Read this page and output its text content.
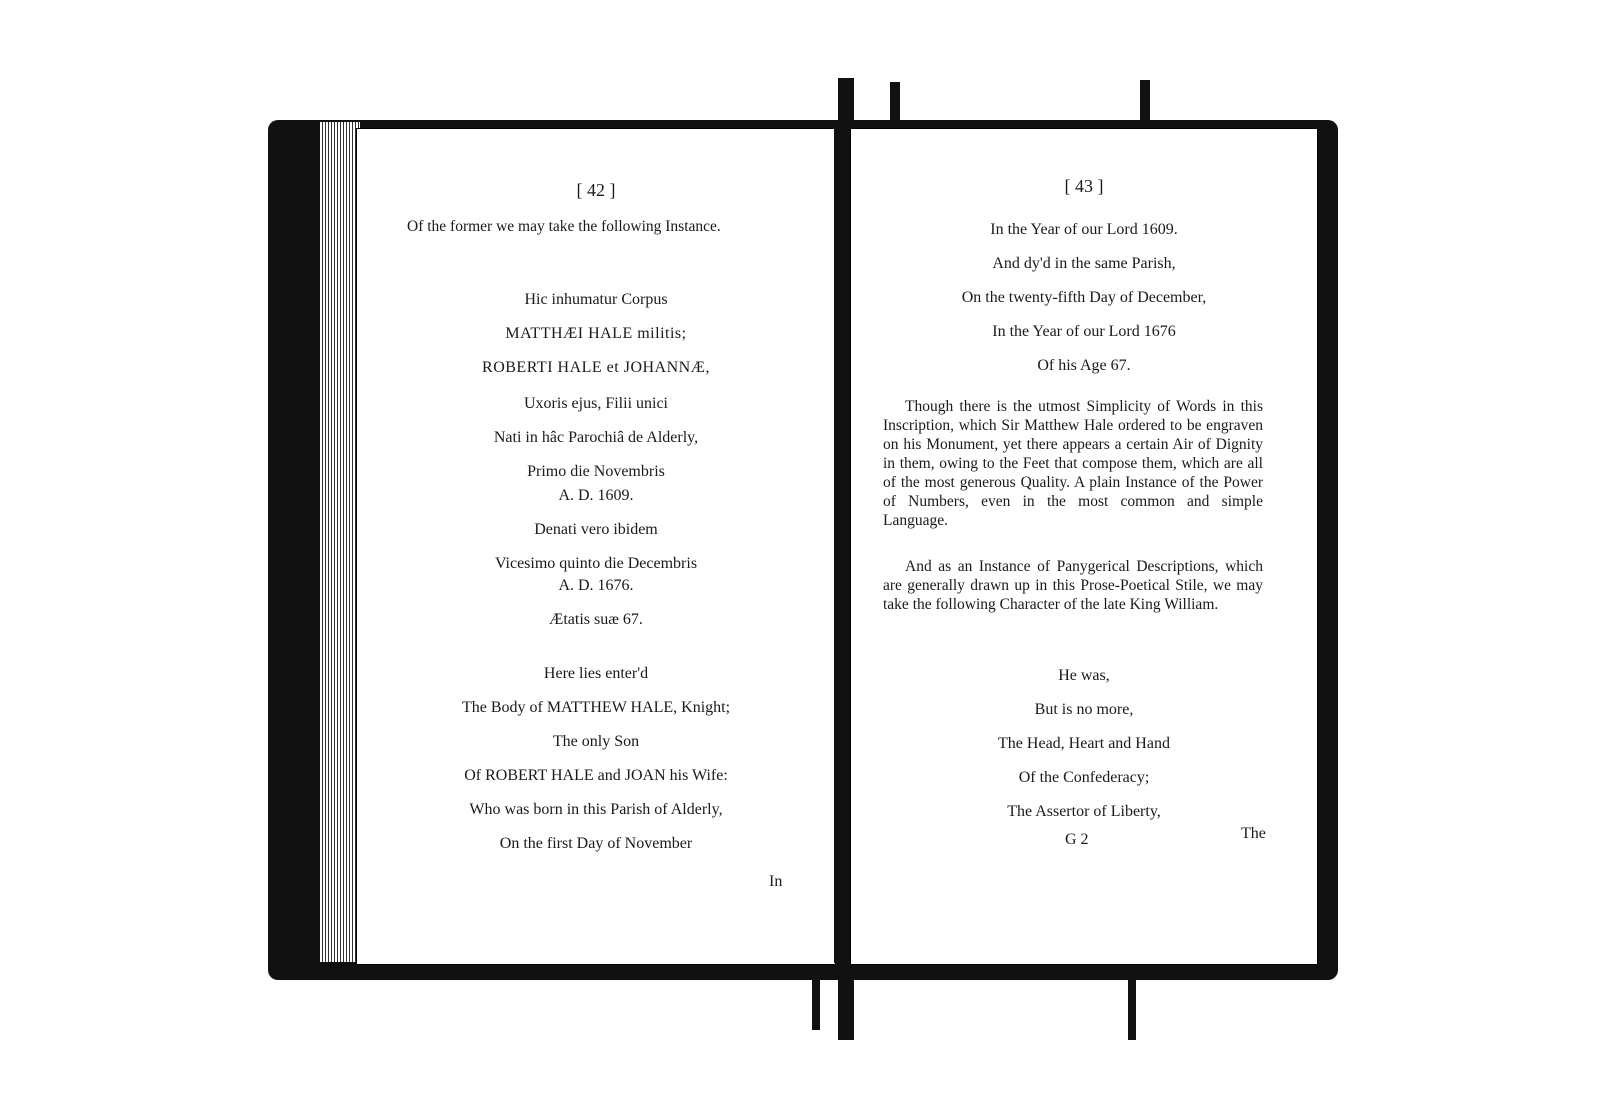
[ 42 ]
Of the former we may take the following Instance.
Hic inhumatur Corpus
MATTHÆI HALE militis;
ROBERTI HALE et JOHANNÆ,
Uxoris ejus, Filii unici
Nati in hâc Parochiâ de Alderly,
Primo die Novembris
A. D. 1609.
Denati vero ibidem
Vicesimo quinto die Decembris
A. D. 1676.
Ætatis suæ 67.
Here lies enter'd
The Body of MATTHEW HALE, Knight;
The only Son
Of ROBERT HALE and JOAN his Wife:
Who was born in this Parish of Alderly,
On the first Day of November
In
[ 43 ]
In the Year of our Lord 1609.
And dy'd in the same Parish,
On the twenty-fifth Day of December,
In the Year of our Lord 1676
Of his Age 67.
Though there is the utmost Simplicity of Words in this Inscription, which Sir Matthew Hale ordered to be engraven on his Monument, yet there appears a certain Air of Dignity in them, owing to the Feet that compose them, which are all of the most generous Quality. A plain Instance of the Power of Numbers, even in the most common and simple Language.
And as an Instance of Panygerical Descriptions, which are generally drawn up in this Prose-Poetical Stile, we may take the following Character of the late King William.
He was,
But is no more,
The Head, Heart and Hand
Of the Confederacy;
The Assertor of Liberty,
G 2	The
